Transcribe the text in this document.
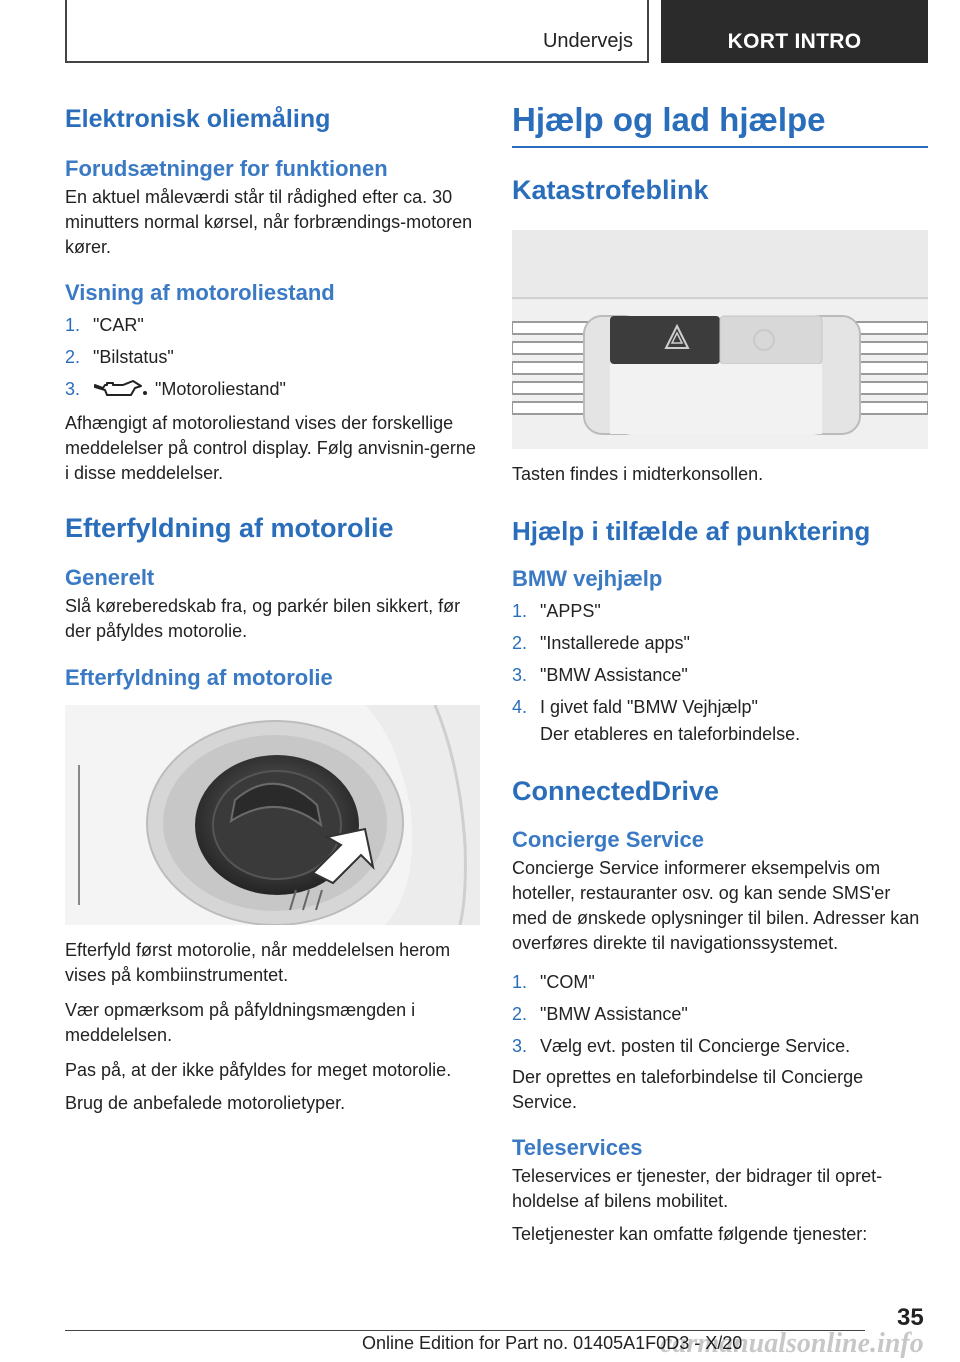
Undervejs	KORT INTRO

Elektronisk oliemåling

Forudsætninger for funktionen

En aktuel måleværdi står til rådighed efter ca. 30 minutters normal kørsel, når forbrændings-motoren kører.

Visning af motoroliestand

1. "CAR"
2. "Bilstatus"
3.	"Motoroliestand"

Afhængigt af motoroliestand vises der forskellige meddelelser på control display. Følg anvisnin-gerne i disse meddelelser.

Efterfyldning af motorolie

Generelt

Slå køreberedskab fra, og parkér bilen sikkert, før der påfyldes motorolie.

Efterfyldning af motorolie

Efterfyld først motorolie, når meddelelsen herom vises på kombiinstrumentet.

Vær opmærksom på påfyldningsmængden i meddelelsen.

Pas på, at der ikke påfyldes for meget motorolie.

Brug de anbefalede motorolietyper.

Hjælp og lad hjælpe

Katastrofeblink

Tasten findes i midterkonsollen.

Hjælp i tilfælde af punktering

BMW vejhjælp

1. "APPS"
2. "Installerede apps"
3. "BMW Assistance"
4. I givet fald "BMW Vejhjælp"
Der etableres en taleforbindelse.

ConnectedDrive

Concierge Service

Concierge Service informerer eksempelvis om hoteller, restauranter osv. og kan sende SMS'er med de ønskede oplysninger til bilen. Adresser kan overføres direkte til navigationssystemet.

1. "COM"
2. "BMW Assistance"
3. Vælg evt. posten til Concierge Service.

Der oprettes en taleforbindelse til Concierge Service.

Teleservices

Teleservices er tjenester, der bidrager til opret-holdelse af bilens mobilitet.

Teletjenester kan omfatte følgende tjenester:

35
Online Edition for Part no. 01405A1F0D3 - X/20
carmanualsonline.info
